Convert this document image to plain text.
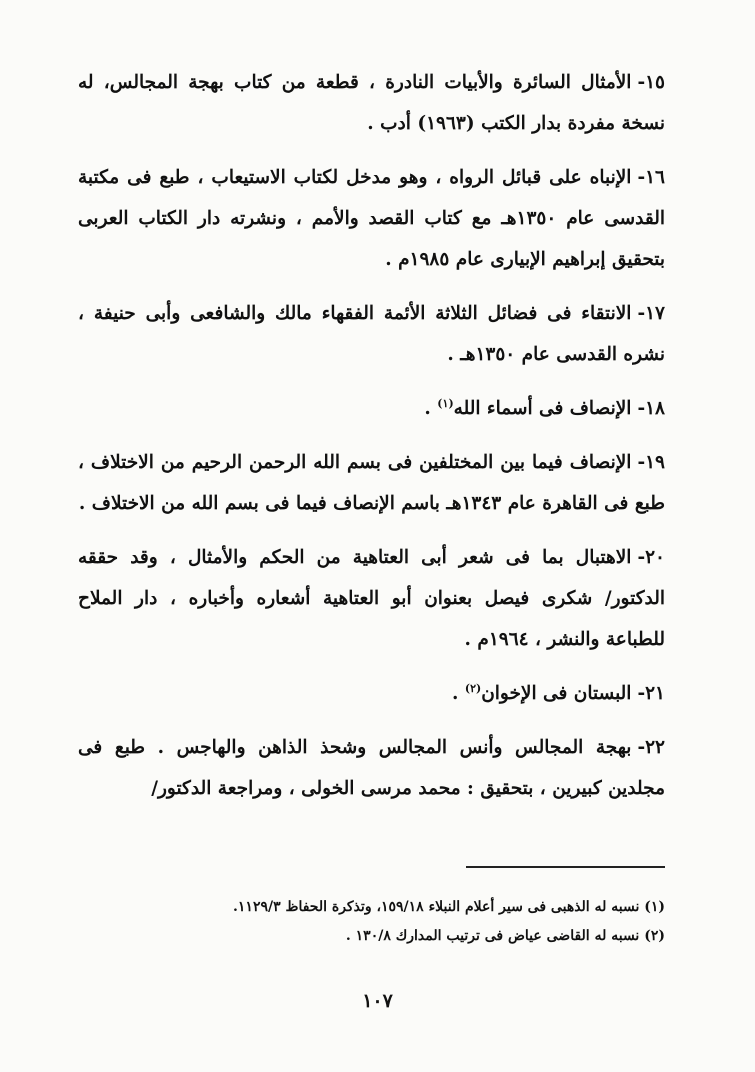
١٥-الأمثال السائرة والأبيات النادرة ، قطعة من كتاب بهجة المجالس، له نسخة مفردة بدار الكتب (١٩٦٣) أدب .

١٦-الإنباه على قبائل الرواه ، وهو مدخل لكتاب الاستيعاب ، طبع فى مكتبة القدسى عام ١٣٥٠هـ مع كتاب القصد والأمم ، ونشرته دار الكتاب العربى بتحقيق إبراهيم الإبيارى عام ١٩٨٥م .

١٧-الانتقاء فى فضائل الثلاثة الأئمة الفقهاء مالك والشافعى وأبى حنيفة ، نشره القدسى عام ١٣٥٠هـ .

١٨-الإنصاف فى أسماء الله$^{(١)}$ .

١٩-الإنصاف فيما بين المختلفين فى بسم الله الرحمن الرحيم من الاختلاف ، طبع فى القاهرة عام ١٣٤٣هـ باسم الإنصاف فيما فى بسم الله من الاختلاف .

٢٠-الاهتبال بما فى شعر أبى العتاهية من الحكم والأمثال ، وقد حققه الدكتور/ شكرى فيصل بعنوان أبو العتاهية أشعاره وأخباره ، دار الملاح للطباعة والنشر ، ١٩٦٤م .

٢١-البستان فى الإخوان$^{(٢)}$ .

٢٢-بهجة المجالس وأنس المجالس وشحذ الذاهن والهاجس . طبع فى مجلدين كبيرين ، بتحقيق : محمد مرسى الخولى ، ومراجعة الدكتور/

(١) نسبه له الذهبى فى سير أعلام النبلاء ١٥٩/١٨، وتذكرة الحفاظ ١١٢٩/٣.
(٢) نسبه له القاضى عياض فى ترتيب المدارك ١٣٠/٨ .
١٠٧
